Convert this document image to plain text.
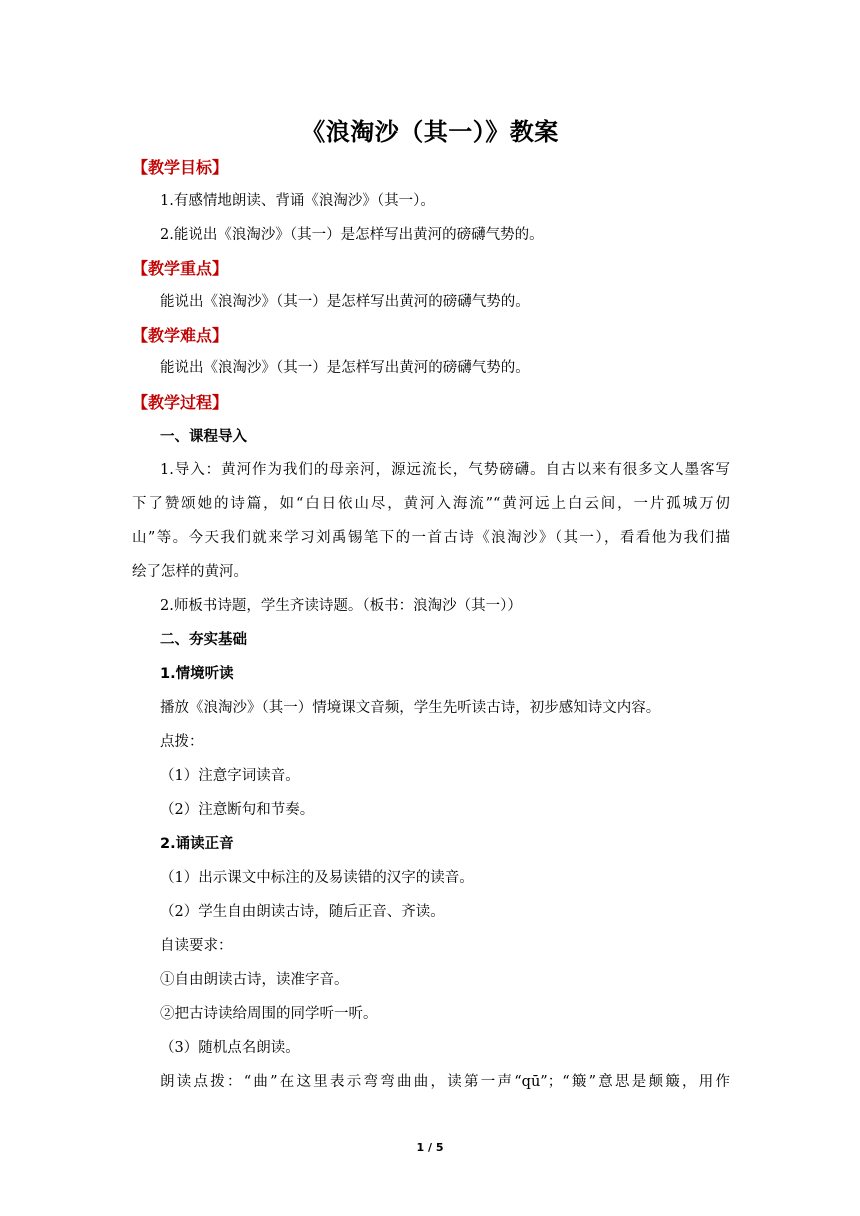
《浪淘沙（其一）》教案
【教学目标】
1.有感情地朗读、背诵《浪淘沙》（其一）。
2.能说出《浪淘沙》（其一）是怎样写出黄河的磅礴气势的。
【教学重点】
能说出《浪淘沙》（其一）是怎样写出黄河的磅礴气势的。
【教学难点】
能说出《浪淘沙》（其一）是怎样写出黄河的磅礴气势的。
【教学过程】
一、课程导入
1.导入：黄河作为我们的母亲河，源远流长，气势磅礴。自古以来有很多文人墨客写
下了赞颂她的诗篇，如“白日依山尽，黄河入海流”“黄河远上白云间，一片孤城万仞
山”等。今天我们就来学习刘禹锡笔下的一首古诗《浪淘沙》（其一），看看他为我们描
绘了怎样的黄河。
2.师板书诗题，学生齐读诗题。（板书：浪淘沙（其一））
二、夯实基础
1.情境听读
播放《浪淘沙》（其一）情境课文音频，学生先听读古诗，初步感知诗文内容。
点拨：
（1）注意字词读音。
（2）注意断句和节奏。
2.诵读正音
（1）出示课文中标注的及易读错的汉字的读音。
（2）学生自由朗读古诗，随后正音、齐读。
自读要求：
①自由朗读古诗，读准字音。
②把古诗读给周围的同学听一听。
（3）随机点名朗读。
朗读点拨：“曲”在这里表示弯弯曲曲，读第一声“qū”；“簸”意思是颠簸，用作
1 / 5
